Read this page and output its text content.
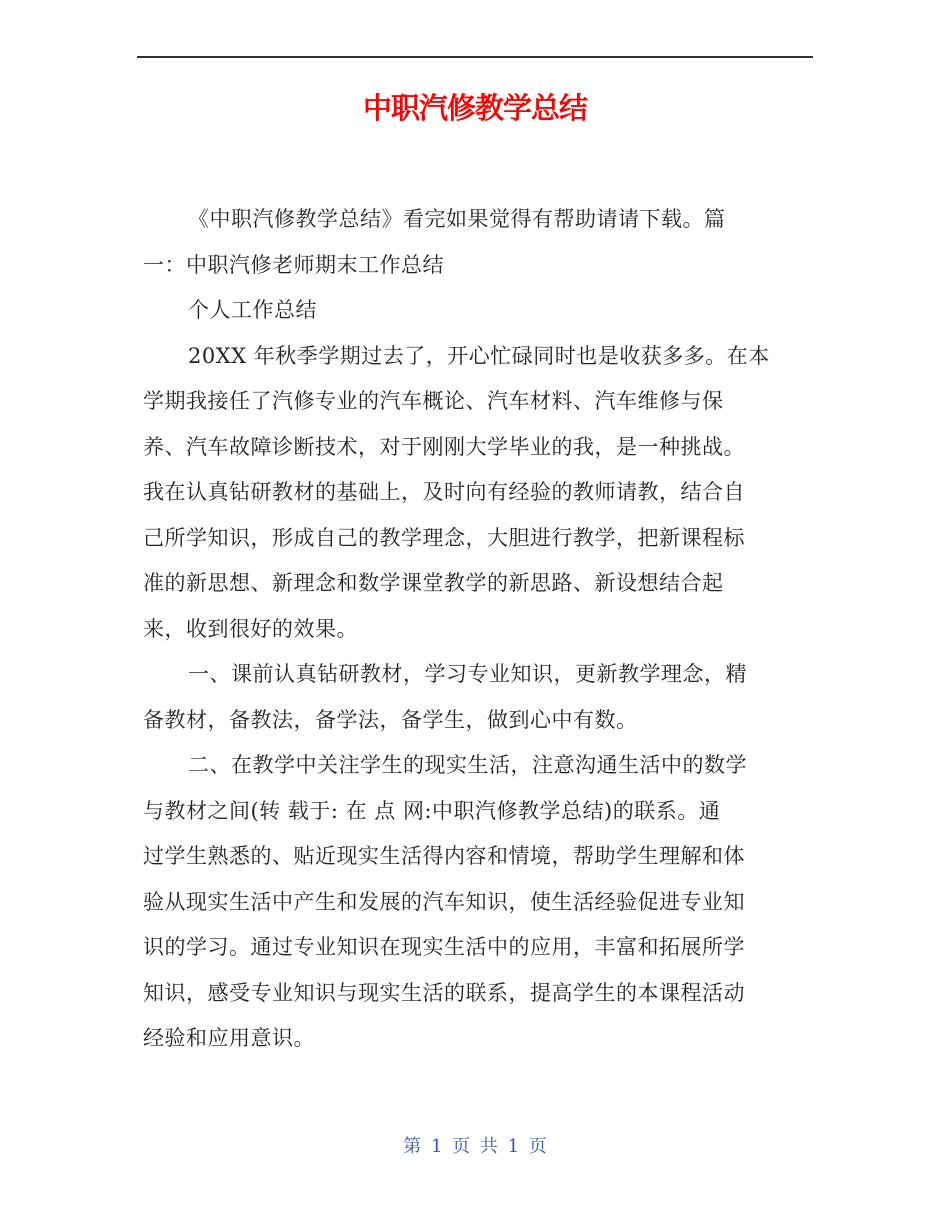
中职汽修教学总结
《中职汽修教学总结》看完如果觉得有帮助请请下载。篇
一：中职汽修老师期末工作总结
个人工作总结
20XX 年秋季学期过去了，开心忙碌同时也是收获多多。在本
学期我接任了汽修专业的汽车概论、汽车材料、汽车维修与保
养、汽车故障诊断技术，对于刚刚大学毕业的我，是一种挑战。
我在认真钻研教材的基础上，及时向有经验的教师请教，结合自
己所学知识，形成自己的教学理念，大胆进行教学，把新课程标
准的新思想、新理念和数学课堂教学的新思路、新设想结合起
来，收到很好的效果。
一、课前认真钻研教材，学习专业知识，更新教学理念，精
备教材，备教法，备学法，备学生，做到心中有数。
二、在教学中关注学生的现实生活，注意沟通生活中的数学
与教材之间(转 载于: 在 点 网:中职汽修教学总结)的联系。通
过学生熟悉的、贴近现实生活得内容和情境，帮助学生理解和体
验从现实生活中产生和发展的汽车知识，使生活经验促进专业知
识的学习。通过专业知识在现实生活中的应用，丰富和拓展所学
知识，感受专业知识与现实生活的联系，提高学生的本课程活动
经验和应用意识。
第 1 页 共 1 页
